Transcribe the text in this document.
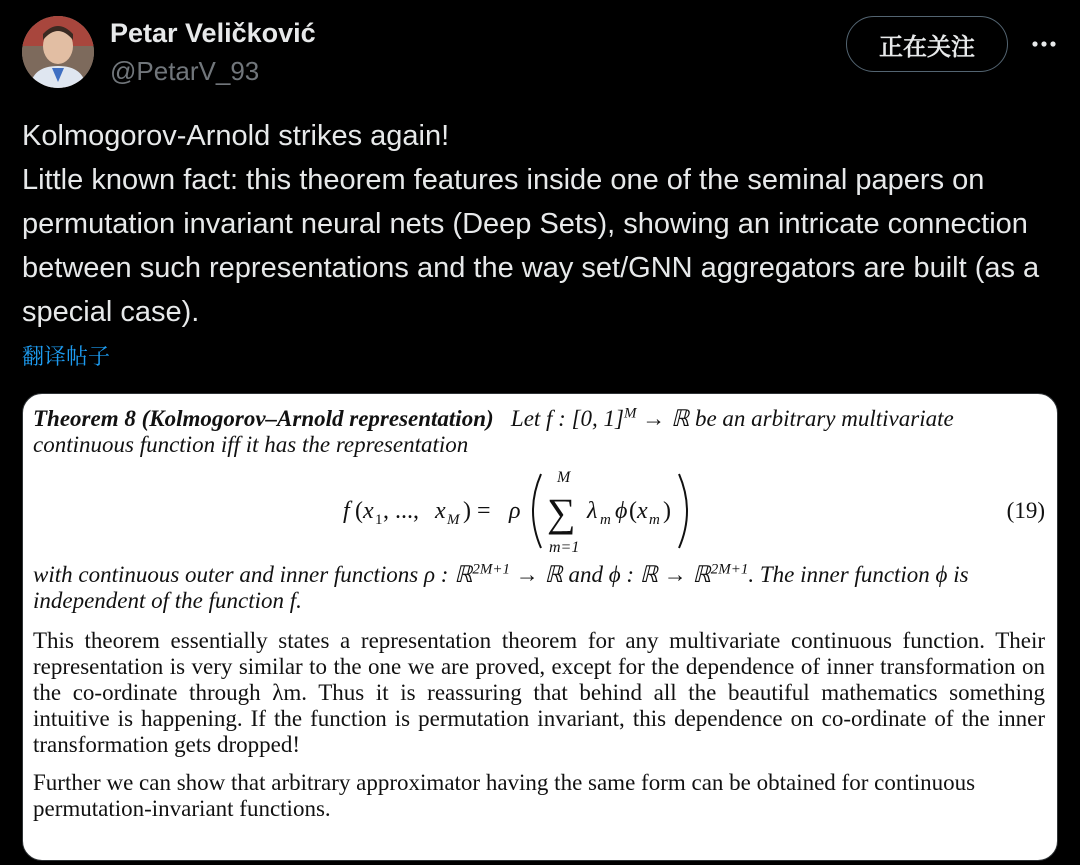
Petar Veličković
@PetarV_93
正在关注

Kolmogorov-Arnold strikes again!

Little known fact: this theorem features inside one of the seminal papers on permutation invariant neural nets (Deep Sets), showing an intricate connection between such representations and the way set/GNN aggregators are built (as a special case).

翻译帖子

Theorem 8 (Kolmogorov–Arnold representation) Let f : [0, 1]$^M$ → ℝ be an arbitrary multivariate continuous function iff it has the representation

f ( x 1 , ..., x M ) = ρ
M
∑
m=1
λ m ϕ ( x m )	(19)

with continuous outer and inner functions ρ : ℝ$^{2M+1}$ → ℝ and ϕ : ℝ → ℝ$^{2M+1}$. The inner function ϕ is independent of the function f.

This theorem essentially states a representation theorem for any multivariate continuous function. Their representation is very similar to the one we are proved, except for the dependence of inner transformation on the co-ordinate through λm. Thus it is reassuring that behind all the beautiful mathematics something intuitive is happening. If the function is permutation invariant, this dependence on co-ordinate of the inner transformation gets dropped!

Further we can show that arbitrary approximator having the same form can be obtained for continuous permutation-invariant functions.
